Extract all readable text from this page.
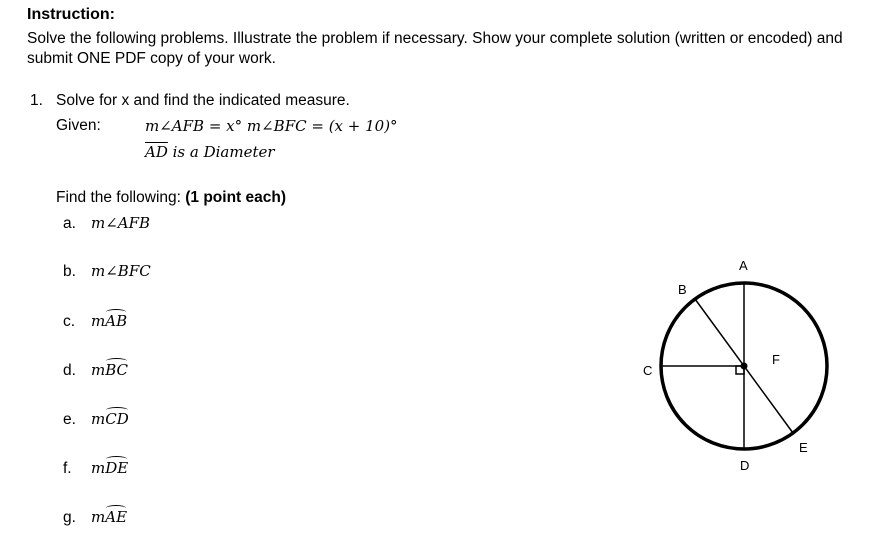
Instruction:
Solve the following problems. Illustrate the problem if necessary. Show your complete solution (written or encoded) and submit ONE PDF copy of your work.
1. Solve for x and find the indicated measure.
Given:	m∠AFB = x° m∠BFC = (x + 10)°
$\overline{AD}$ is a Diameter
Find the following: (1 point each)
a. m∠AFB
b. m∠BFC
c. mAB
d. mBC
e. mCD
f. mDE
g. mAE
A
B
C
D
E
F
